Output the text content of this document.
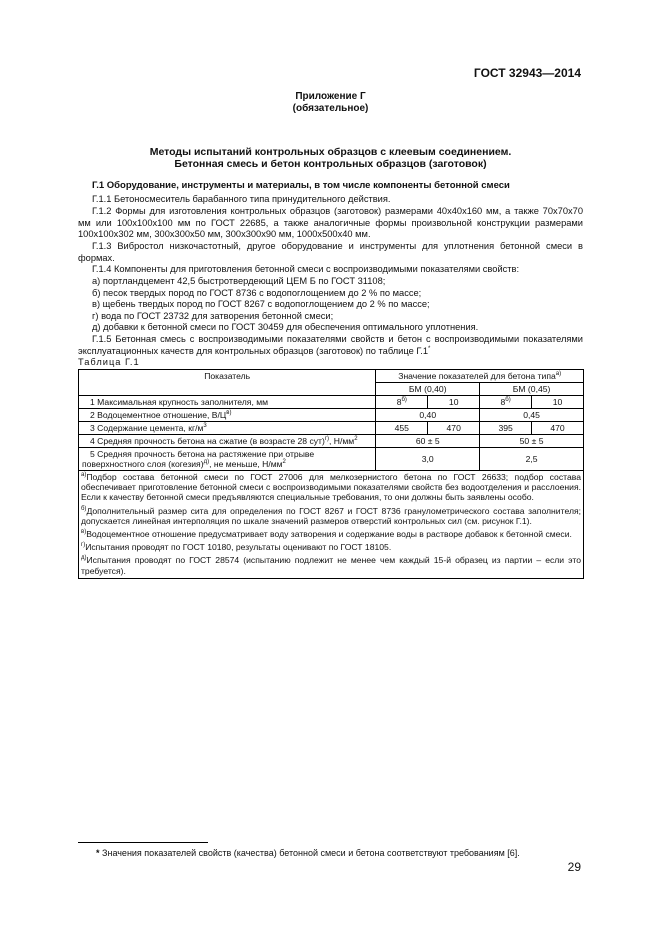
ГОСТ 32943—2014
Приложение Г
(обязательное)
Методы испытаний контрольных образцов с клеевым соединением.
Бетонная смесь и бетон контрольных образцов (заготовок)
Г.1 Оборудование, инструменты и материалы, в том числе компоненты бетонной смеси
Г.1.1 Бетоносмеситель барабанного типа принудительного действия.
Г.1.2 Формы для изготовления контрольных образцов (заготовок) размерами 40х40х160 мм, а также 70х70х70 мм или 100х100х100 мм по ГОСТ 22685, а также аналогичные формы произвольной конструкции размерами 100х100х302 мм, 300х300х50 мм, 300х300х90 мм, 1000х500х40 мм.
Г.1.3 Вибростол низкочастотный, другое оборудование и инструменты для уплотнения бетонной смеси в формах.
Г.1.4 Компоненты для приготовления бетонной смеси с воспроизводимыми показателями свойств:
а) портландцемент 42,5 быстротвердеющий ЦЕМ Б по ГОСТ 31108;
б) песок твердых пород по ГОСТ 8736 с водопоглощением до 2 % по массе;
в) щебень твердых пород по ГОСТ 8267 с водопоглощением до 2 % по массе;
г) вода по ГОСТ 23732 для затворения бетонной смеси;
д) добавки к бетонной смеси по ГОСТ 30459 для обеспечения оптимального уплотнения.
Г.1.5 Бетонная смесь с воспроизводимыми показателями свойств и бетон с воспроизводимыми показателями эксплуатационных качеств для контрольных образцов (заготовок) по таблице Г.1*
Таблица Г.1
Показатель	Значение показателей для бетона типа$^{а)}$
	БМ (0,40)		БМ (0,45)	
1 Максимальная крупность заполнителя, мм	$8^{б)}$	10	$8^{б)}$	10
2 Водоцементное отношение, $В/Ц^{в)}$	0,40		0,45	
3 Содержание цемента, $кг/м^3$	455	470	395	470
4 Средняя прочность бетона на сжатие (в возрасте 28 сут)$^{г)}$, $Н/мм^2$	60 ± 5		50 ± 5	
5 Средняя прочность бетона на растяжение при отрыве поверхностного слоя (когезия)$^{д)}$, не меньше, $Н/мм^2$	3,0		2,5	

$^{а)}$Подбор состава бетонной смеси по ГОСТ 27006 для мелкозернистого бетона по ГОСТ 26633; подбор состава обеспечивает приготовление бетонной смеси с воспроизводимыми показателями свойств без водоотделения и расслоения. Если к качеству бетонной смеси предъявляются специальные требования, то они должны быть заявлены особо.
$^{б)}$Дополнительный размер сита для определения по ГОСТ 8267 и ГОСТ 8736 гранулометрического состава заполнителя; допускается линейная интерполяция по шкале значений размеров отверстий контрольных сил (см. рисунок Г.1).
$^{в)}$Водоцементное отношение предусматривает воду затворения и содержание воды в растворе добавок к бетонной смеси.
$^{г)}$Испытания проводят по ГОСТ 10180, результаты оценивают по ГОСТ 18105.
$^{д)}$Испытания проводят по ГОСТ 28574 (испытанию подлежит не менее чем каждый 15-й образец из партии – если это требуется).				
* Значения показателей свойств (качества) бетонной смеси и бетона соответствуют требованиям [6].
29
